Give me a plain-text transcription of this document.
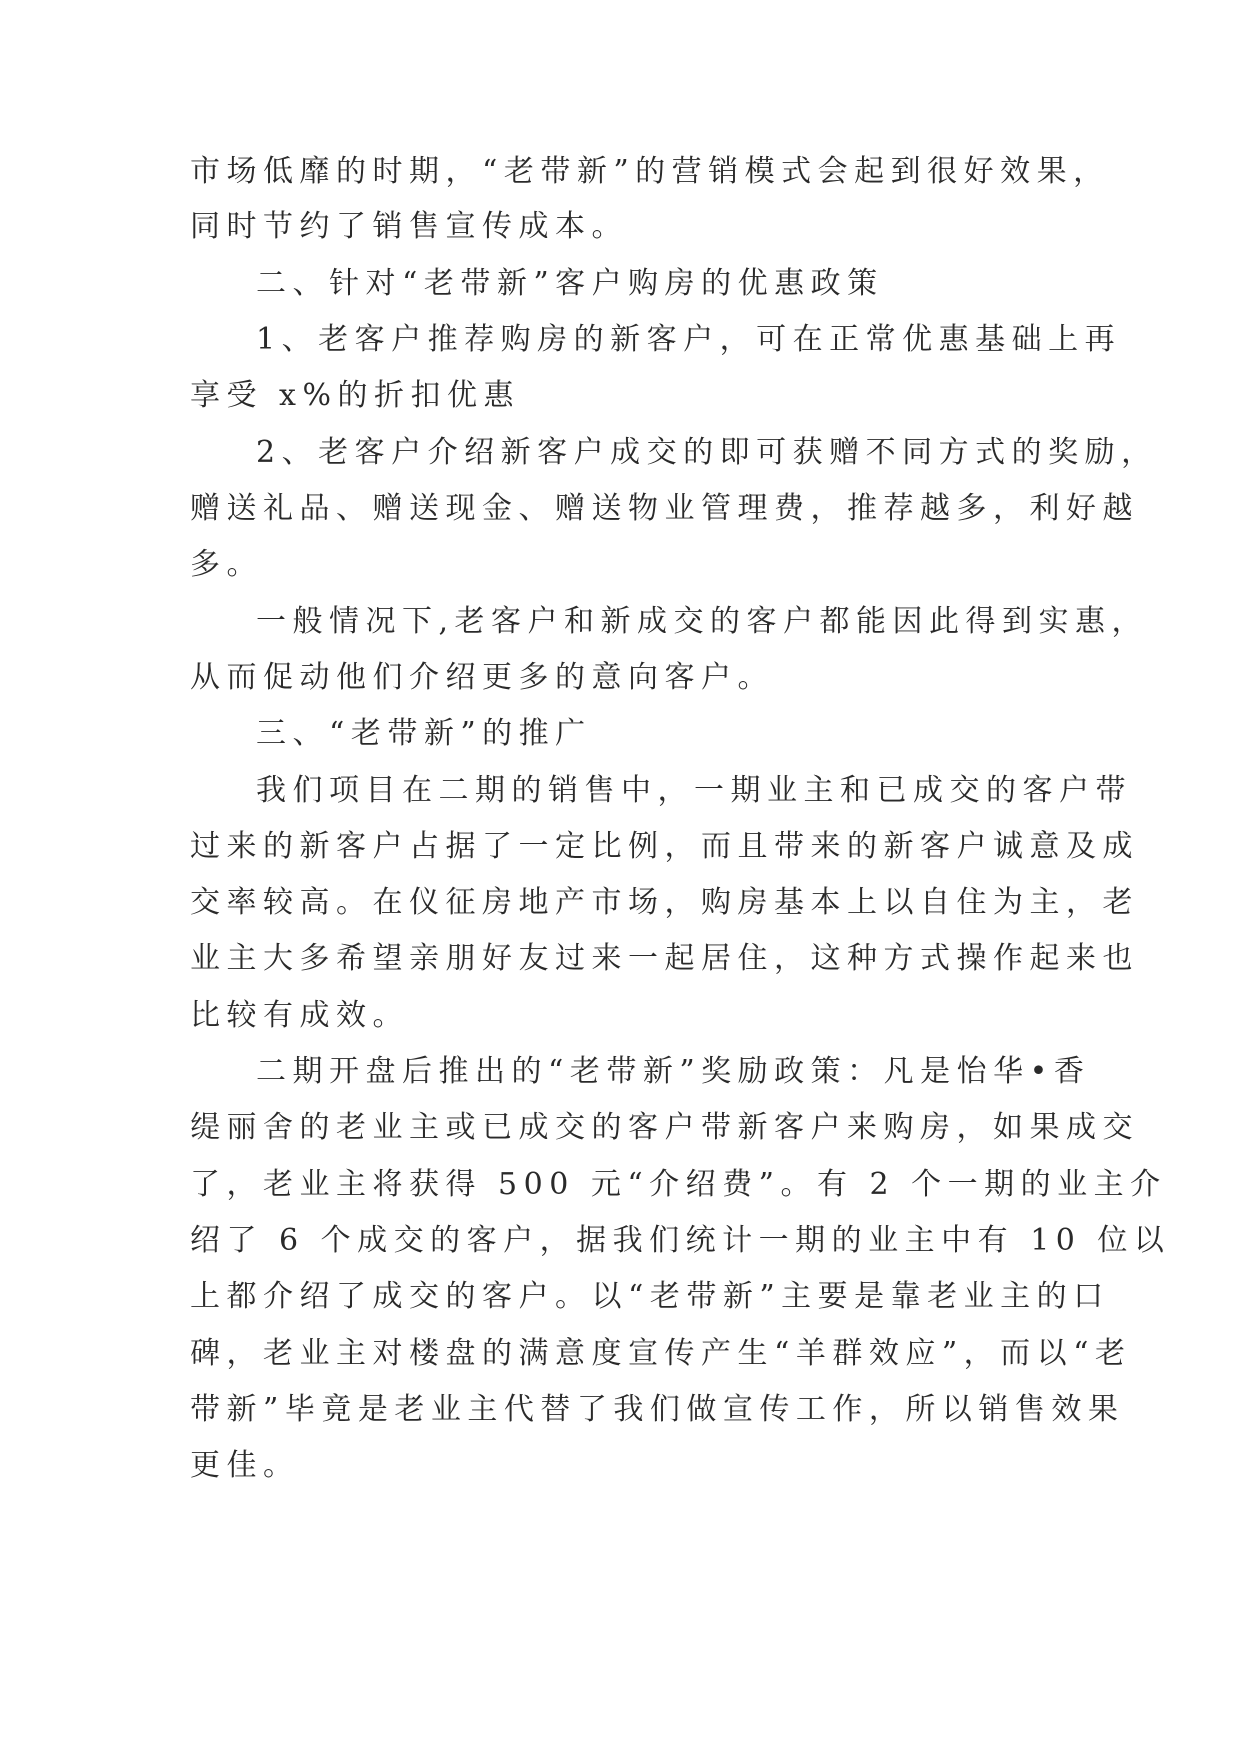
市场低靡的时期，“老带新”的营销模式会起到很好效果，
同时节约了销售宣传成本。
二、针对“老带新”客户购房的优惠政策
1、老客户推荐购房的新客户，可在正常优惠基础上再
享受 x%的折扣优惠
2、老客户介绍新客户成交的即可获赠不同方式的奖励，
赠送礼品、赠送现金、赠送物业管理费，推荐越多，利好越
多。
一般情况下,老客户和新成交的客户都能因此得到实惠，
从而促动他们介绍更多的意向客户。
三、“老带新”的推广
我们项目在二期的销售中，一期业主和已成交的客户带
过来的新客户占据了一定比例，而且带来的新客户诚意及成
交率较高。在仪征房地产市场，购房基本上以自住为主，老
业主大多希望亲朋好友过来一起居住，这种方式操作起来也
比较有成效。
二期开盘后推出的“老带新”奖励政策：凡是怡华•香
缇丽舍的老业主或已成交的客户带新客户来购房，如果成交
了，老业主将获得 500 元“介绍费”。有 2 个一期的业主介
绍了 6 个成交的客户，据我们统计一期的业主中有 10 位以
上都介绍了成交的客户。以“老带新”主要是靠老业主的口
碑，老业主对楼盘的满意度宣传产生“羊群效应”，而以“老
带新”毕竟是老业主代替了我们做宣传工作，所以销售效果
更佳。
